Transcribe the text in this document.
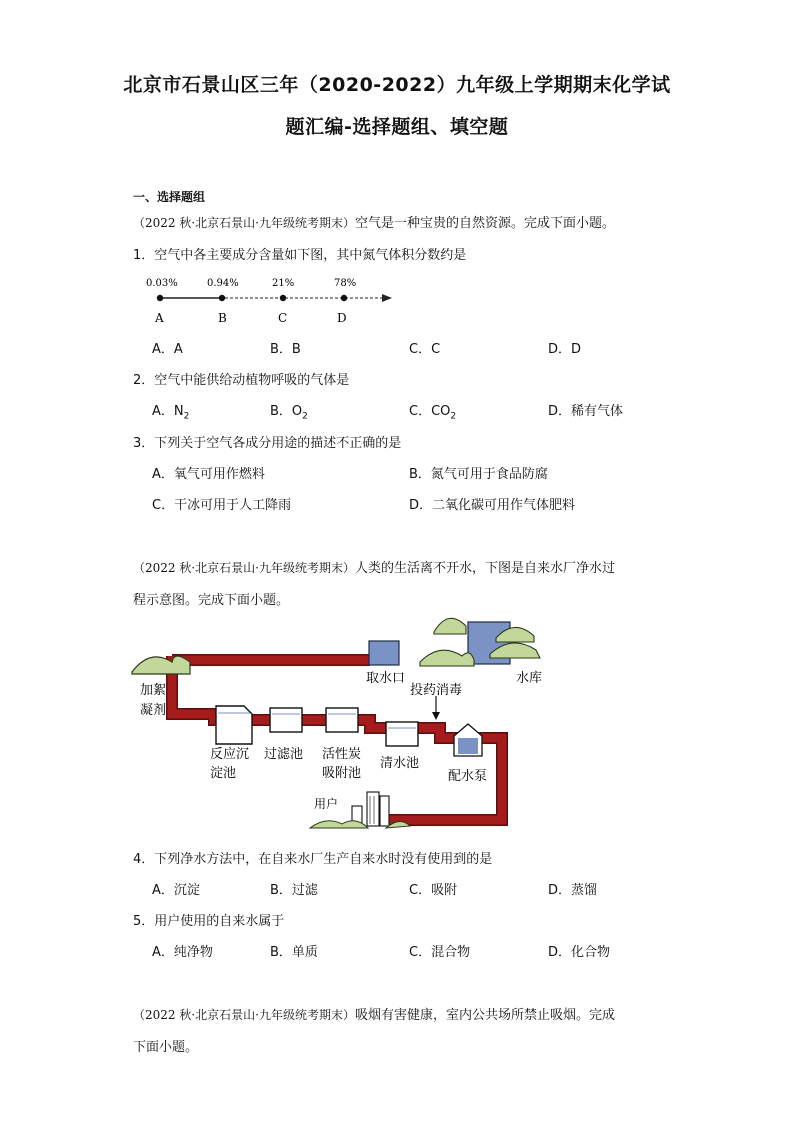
北京市石景山区三年（2020-2022）九年级上学期期末化学试
题汇编-选择题组、填空题
一、选择题组
（2022 秋·北京石景山·九年级统考期末）空气是一种宝贵的自然资源。完成下面小题。
1．空气中各主要成分含量如下图，其中氮气体积分数约是
0.03%	0.94%	21%	78%
A	B	C	D
A．A	B．B	C．C	D．D
2．空气中能供给动植物呼吸的气体是
A．$N_2$	B．$O_2$	C．$CO_2$	D．稀有气体
3．下列关于空气各成分用途的描述不正确的是
A．氧气可用作燃料	B．氮气可用于食品防腐
C．干冰可用于人工降雨	D．二氧化碳可用作气体肥料
（2022 秋·北京石景山·九年级统考期末）人类的生活离不开水，下图是自来水厂净水过
程示意图。完成下面小题。
取水口	水库
加絮
凝剂
投药消毒
反应沉
淀池
过滤池 活性炭
吸附池
清水池
配水泵
用户
4．下列净水方法中，在自来水厂生产自来水时没有使用到的是
A．沉淀	B．过滤	C．吸附	D．蒸馏
5．用户使用的自来水属于
A．纯净物	B．单质	C．混合物	D．化合物
（2022 秋·北京石景山·九年级统考期末）吸烟有害健康，室内公共场所禁止吸烟。完成
下面小题。
